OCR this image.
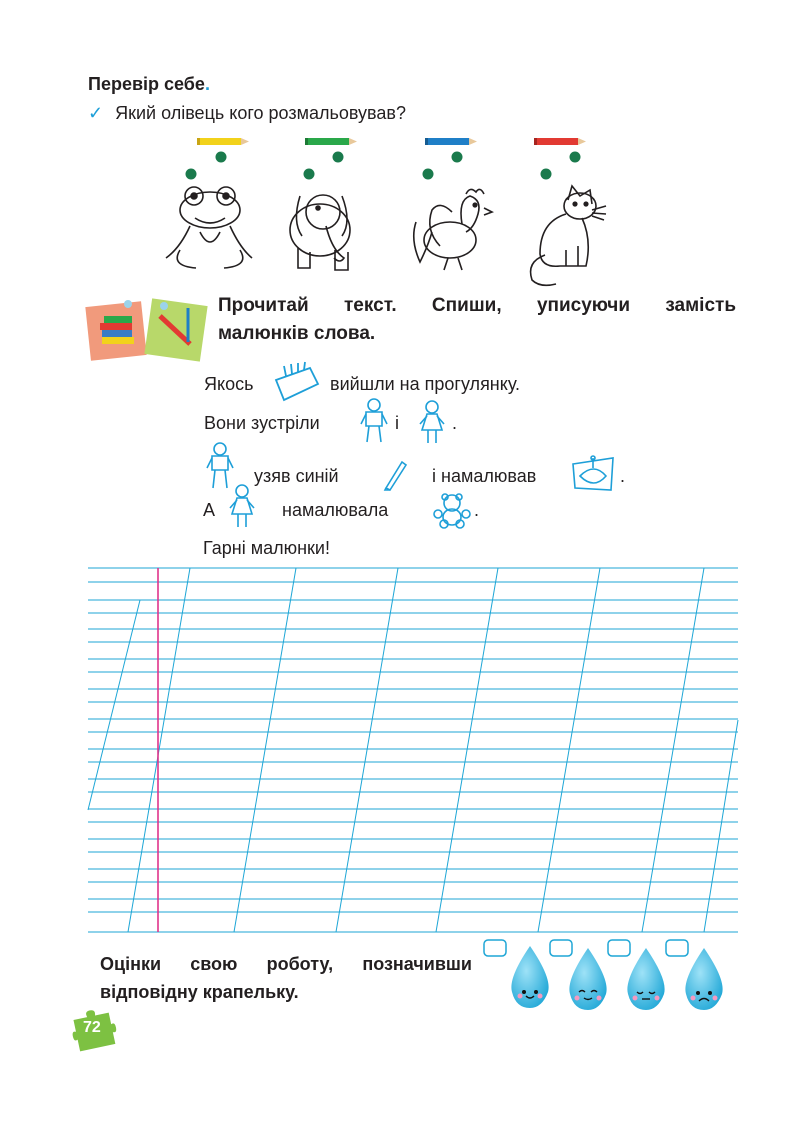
Перевір себе.
✓ Який олівець кого розмальовував?
Прочитай текст. Спиши, уписуючи замість
малюнків слова.
Якось	вийшли на прогулянку.
Вони зустріли	і	.
узяв синій	і намалював	.
А	намалювала	.
Гарні малюнки!
Оцінки свою роботу, позначивши
відповідну крапельку.
72
